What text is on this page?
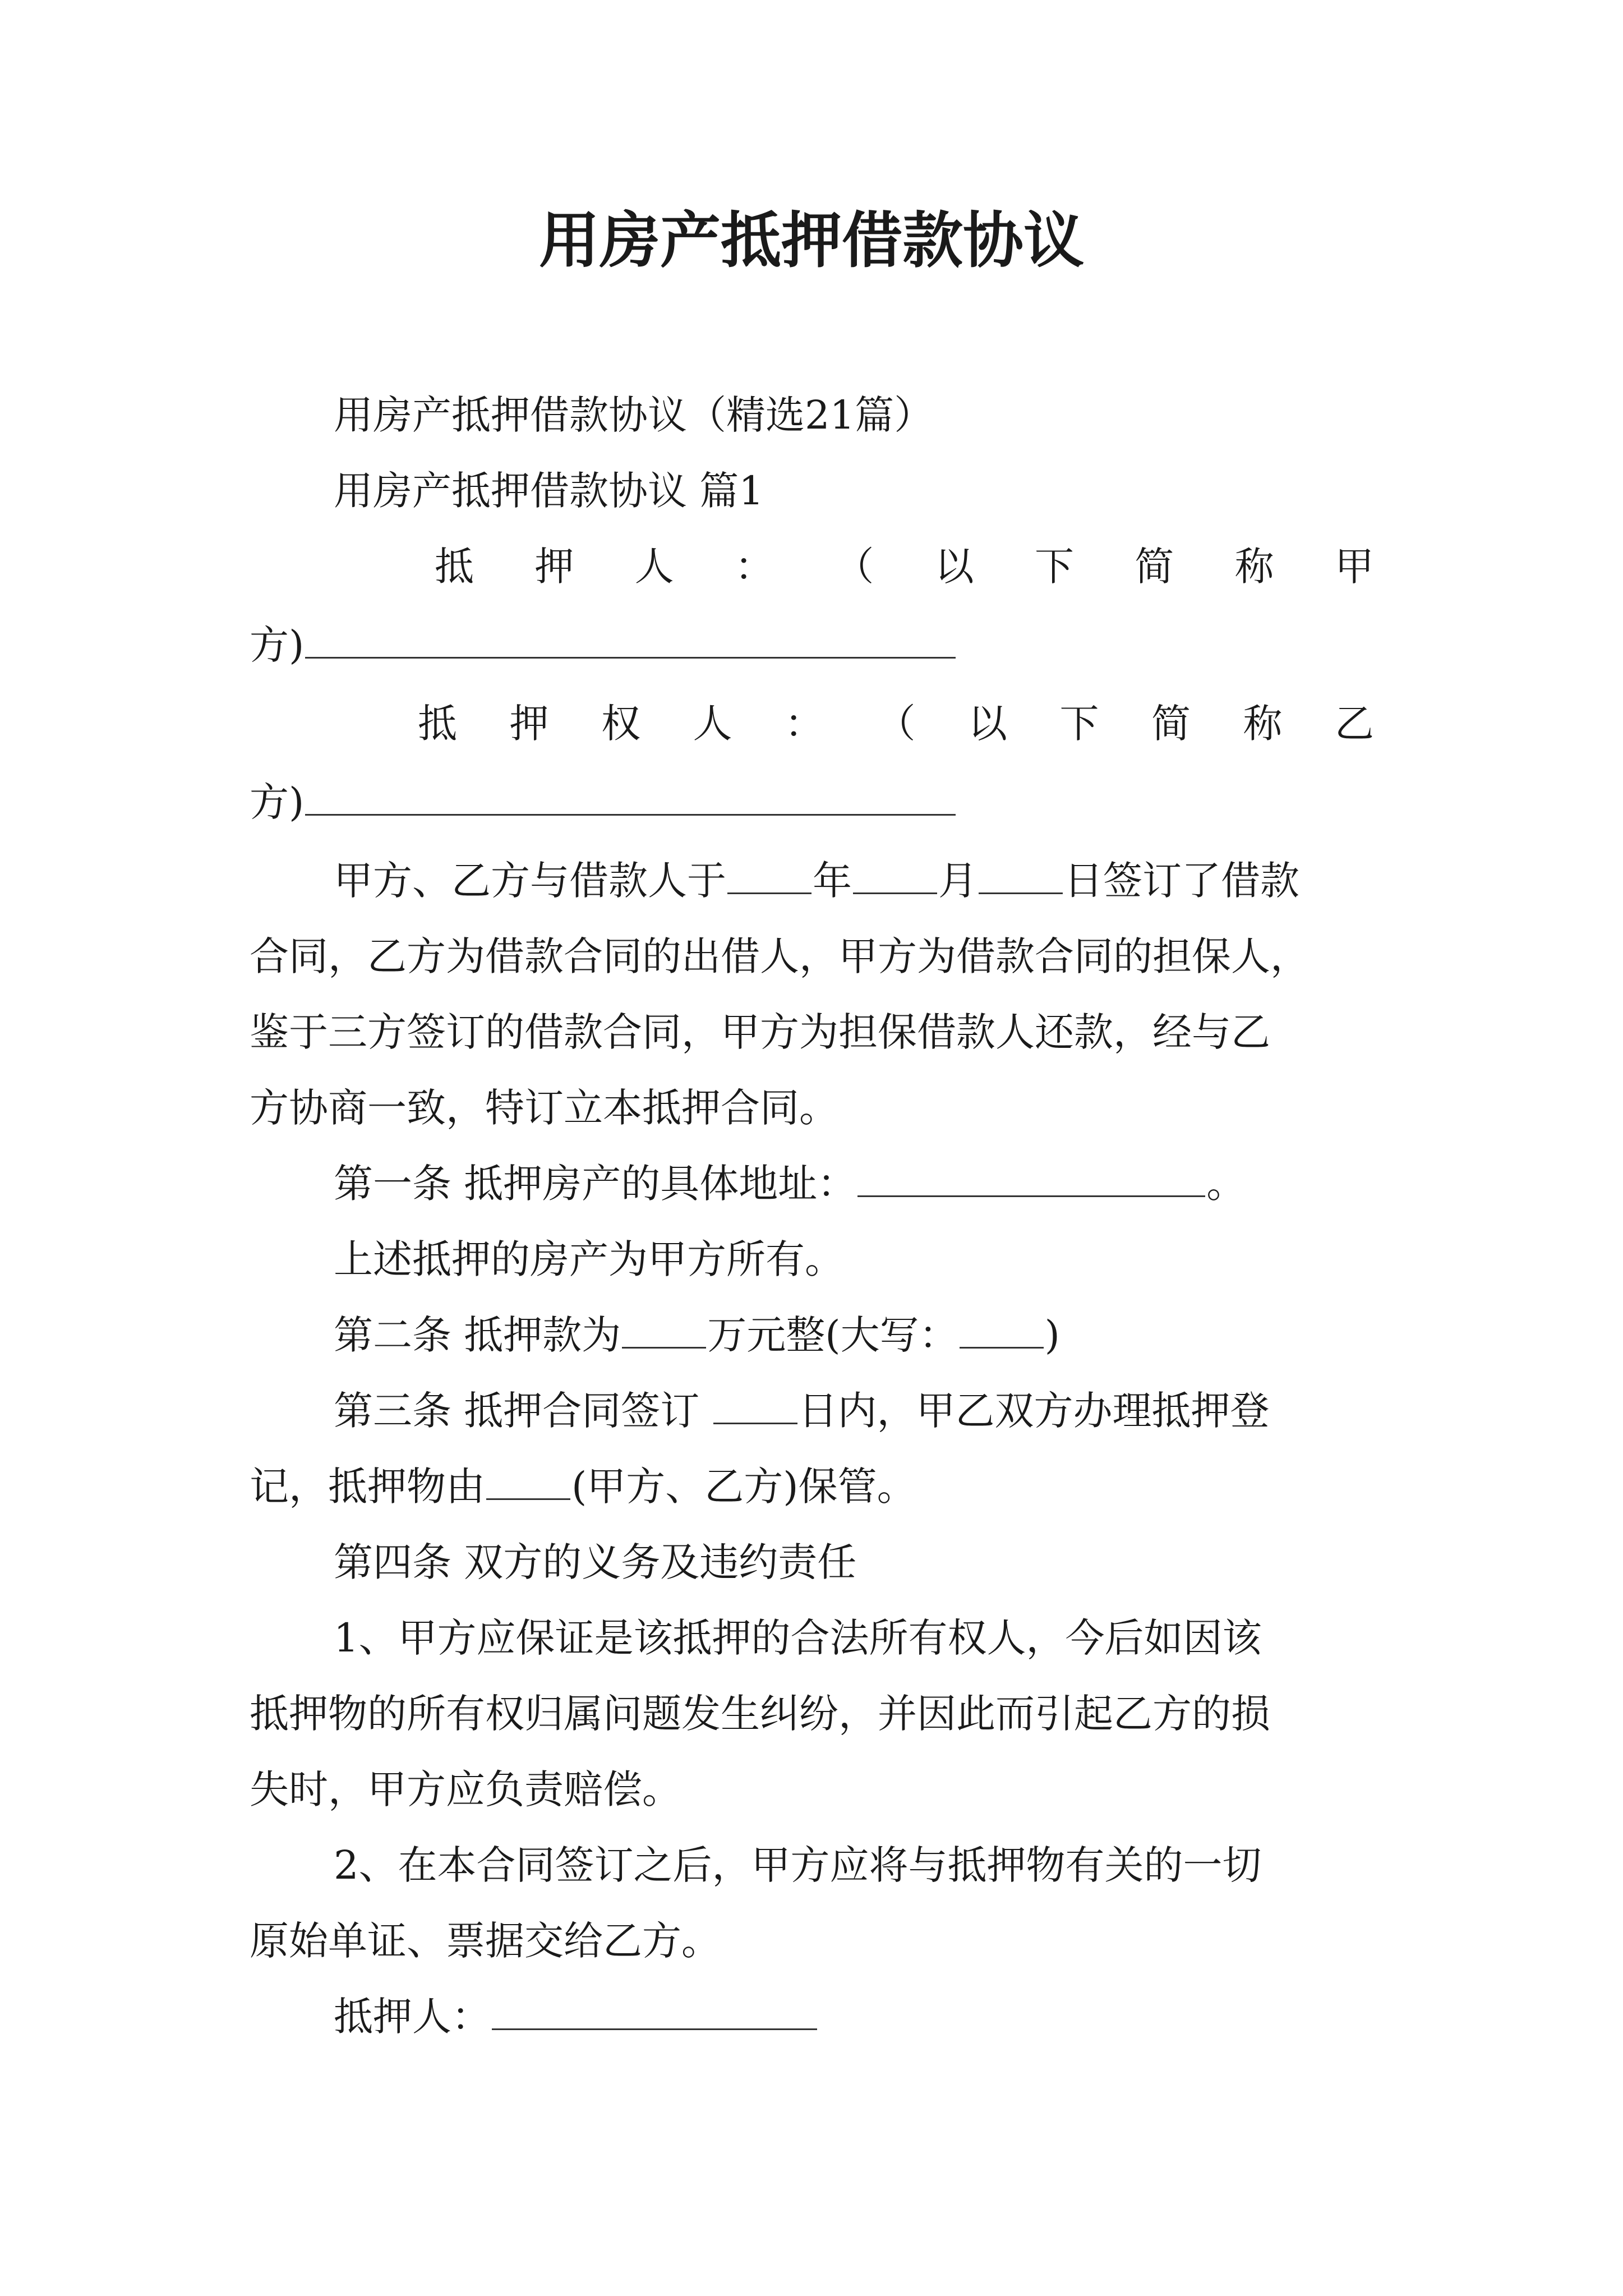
用房产抵押借款协议

用房产抵押借款协议（精选21篇）

用房产抵押借款协议 篇1

抵 押 人 ： （ 以 下 简 称 甲

方)

抵 押 权 人 ： （ 以 下 简 称 乙

方)

甲方、乙方与借款人于 年 月 日签订了借款

合同，乙方为借款合同的出借人，甲方为借款合同的担保人，

鉴于三方签订的借款合同，甲方为担保借款人还款，经与乙

方协商一致，特订立本抵押合同。

第一条 抵押房产的具体地址：	。

上述抵押的房产为甲方所有。

第二条 抵押款为 万元整(大写： )

第三条 抵押合同签订 日内，甲乙双方办理抵押登

记，抵押物由 (甲方、乙方)保管。

第四条 双方的义务及违约责任

1、甲方应保证是该抵押的合法所有权人，今后如因该

抵押物的所有权归属问题发生纠纷，并因此而引起乙方的损

失时，甲方应负责赔偿。

2、在本合同签订之后，甲方应将与抵押物有关的一切

原始单证、票据交给乙方。

抵押人：
